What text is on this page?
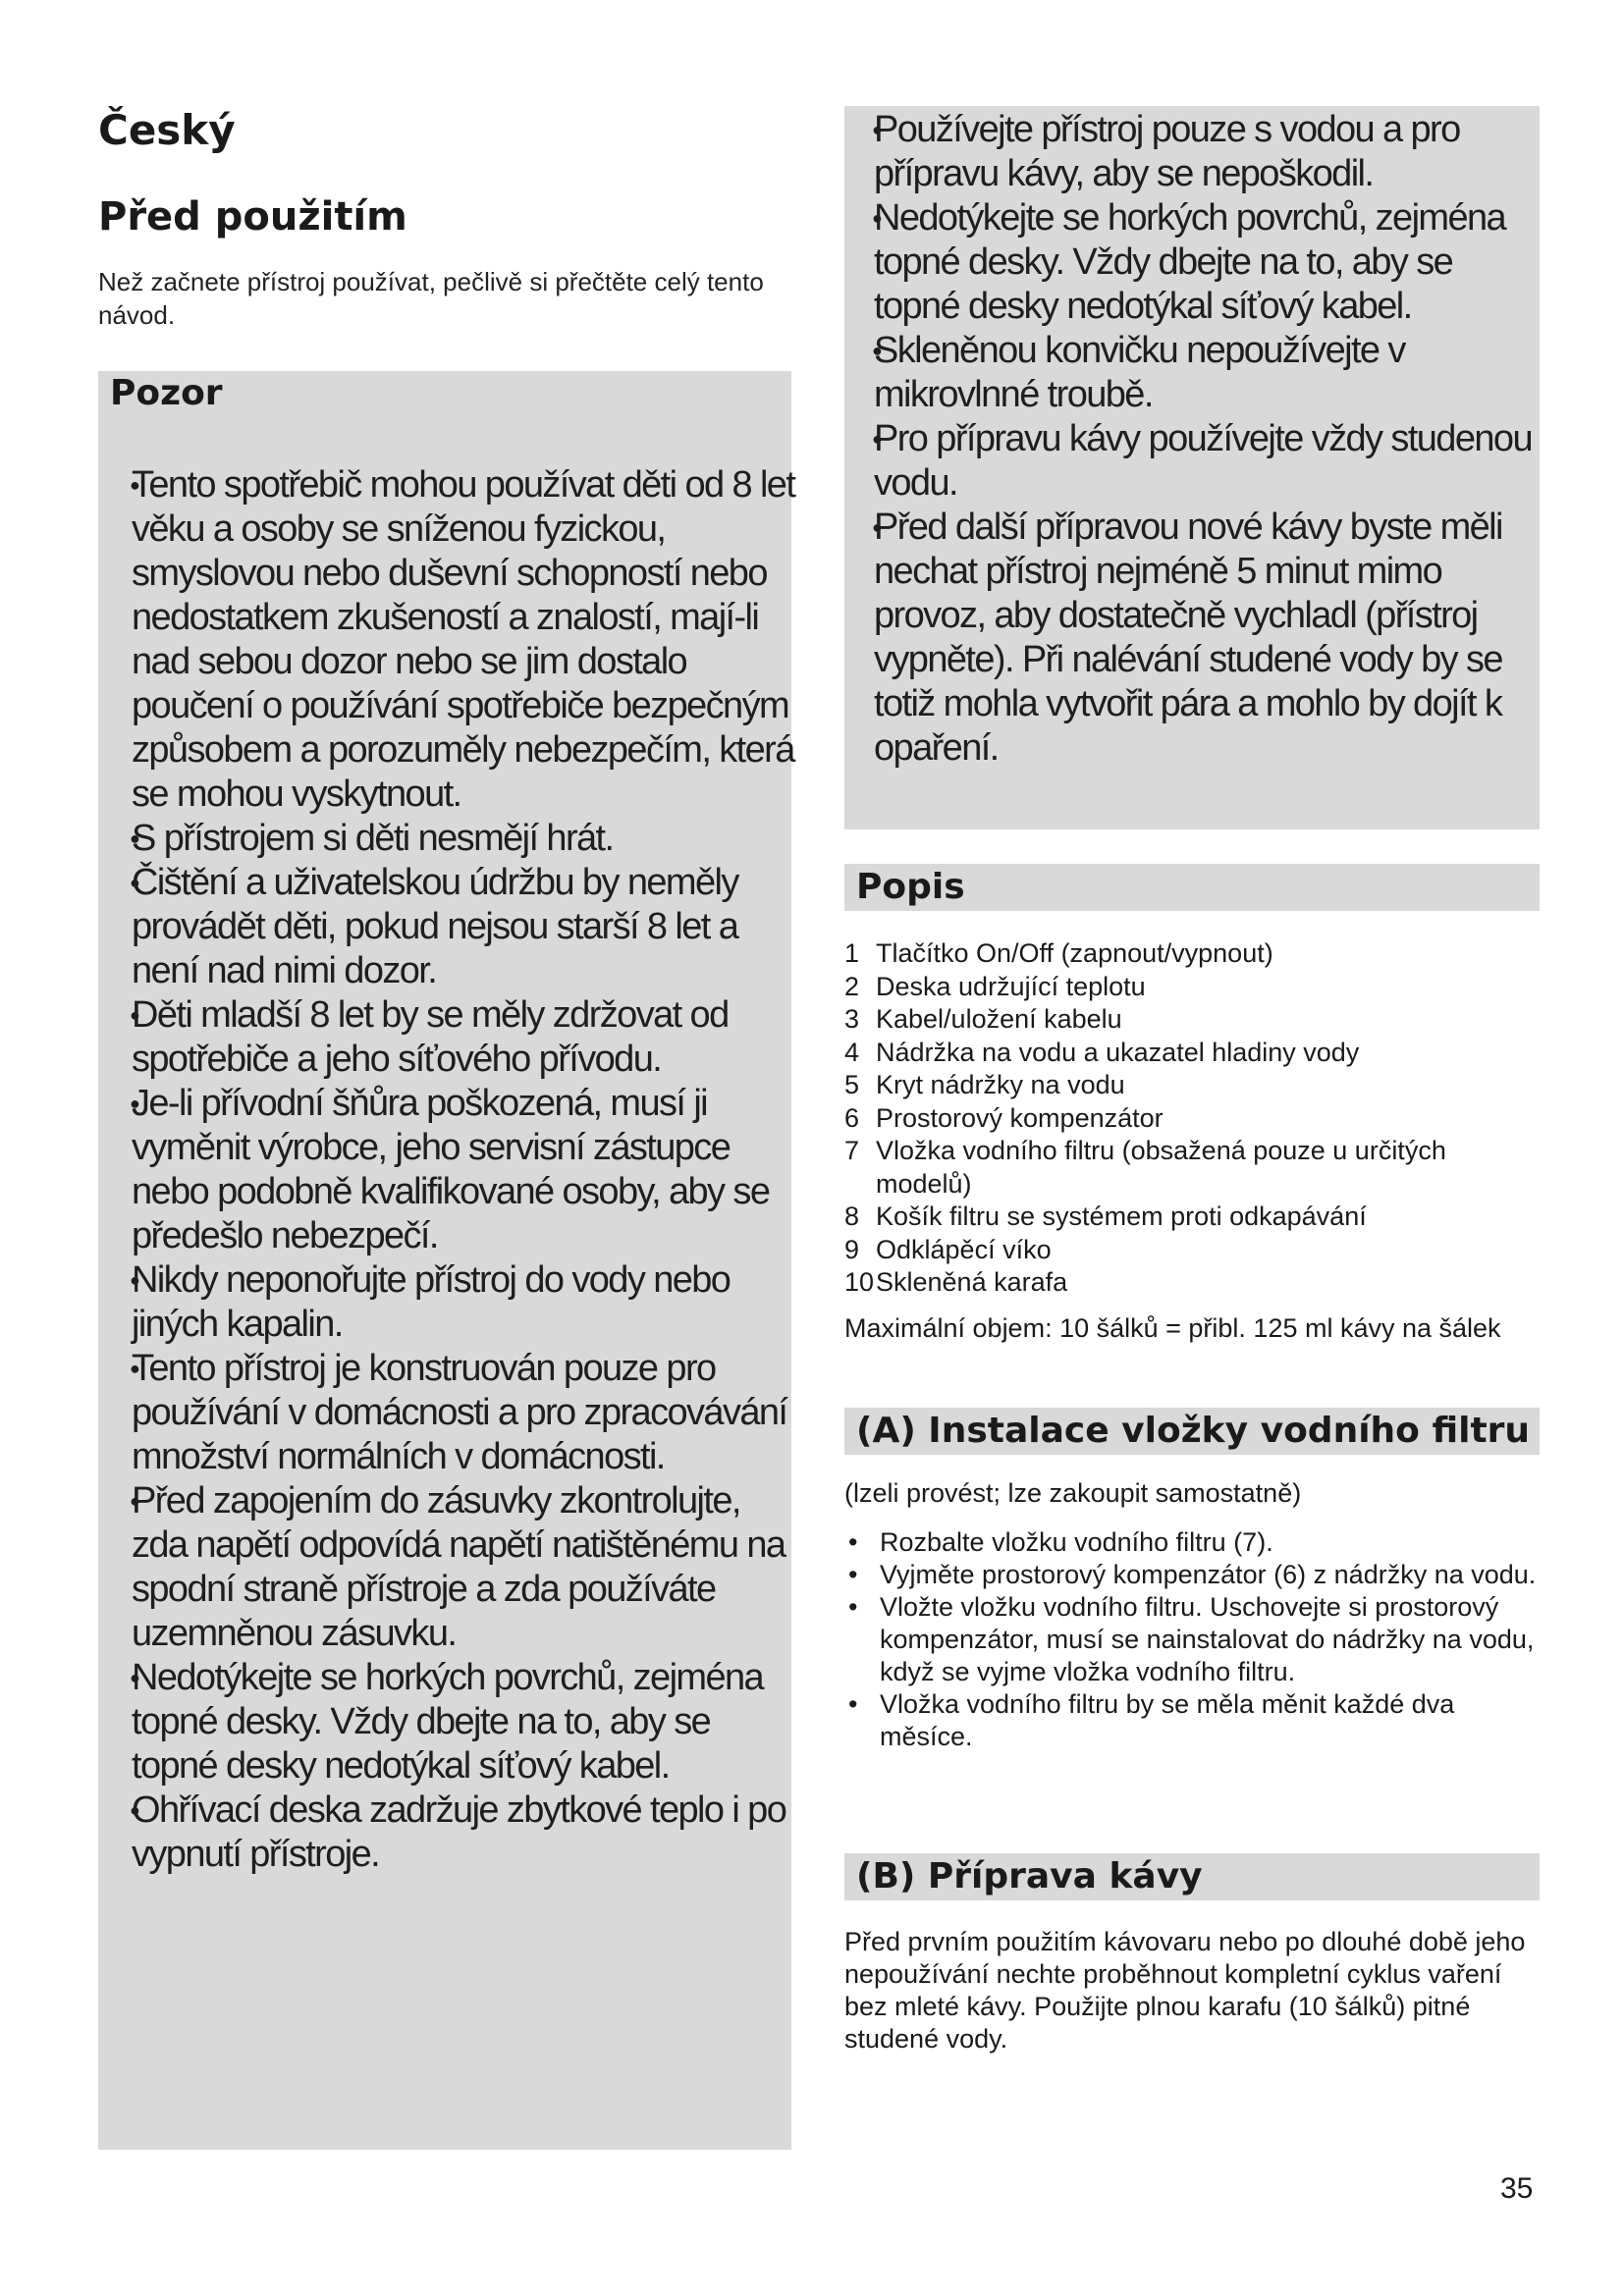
Český
Před použitím
Než začnete přístroj používat, pečlivě si přečtěte celý tento návod.
Pozor
● Tento spotřebič mohou používat děti od 8 let věku a osoby se sníženou fyzickou, smyslovou nebo duševní schopností nebo nedostatkem zkušeností a znalostí, mají-li nad sebou dozor nebo se jim dostalo poučení o používání spotřebiče bezpečným způsobem a porozuměly nebezpečím, která se mohou vyskytnout.
● S přístrojem si děti nesmějí hrát.
● Čištění a uživatelskou údržbu by neměly provádět děti, pokud nejsou starší 8 let a není nad nimi dozor.
● Děti mladší 8 let by se měly zdržovat od spotřebiče a jeho síťového přívodu.
● Je-li přívodní šňůra poškozená, musí ji vyměnit výrobce, jeho servisní zástupce nebo podobně kvalifikované osoby, aby se předešlo nebezpečí.
● Nikdy neponořujte přístroj do vody nebo jiných kapalin.
● Tento přístroj je konstruován pouze pro používání v domácnosti a pro zpracovávání množství normálních v domácnosti.
● Před zapojením do zásuvky zkontrolujte, zda napětí odpovídá napětí natištěnému na spodní straně přístroje a zda používáte uzemněnou zásuvku.
● Nedotýkejte se horkých povrchů, zejména topné desky. Vždy dbejte na to, aby se topné desky nedotýkal síťový kabel.
● Ohřívací deska zadržuje zbytkové teplo i po vypnutí přístroje.
● Používejte přístroj pouze s vodou a pro přípravu kávy, aby se nepoškodil.
● Nedotýkejte se horkých povrchů, zejména topné desky. Vždy dbejte na to, aby se topné desky nedotýkal síťový kabel.
● Skleněnou konvičku nepoužívejte v mikrovlnné troubě.
● Pro přípravu kávy používejte vždy studenou vodu.
● Před další přípravou nové kávy byste měli nechat přístroj nejméně 5 minut mimo provoz, aby dostatečně vychladl (přístroj vypněte). Při nalévání studené vody by se totiž mohla vytvořit pára a mohlo by dojít k opaření.
Popis
1 Tlačítko On/Off (zapnout/vypnout)
2 Deska udržující teplotu
3 Kabel/uložení kabelu
4 Nádržka na vodu a ukazatel hladiny vody
5 Kryt nádržky na vodu
6 Prostorový kompenzátor
7 Vložka vodního filtru (obsažená pouze u určitých modelů)
8 Košík filtru se systémem proti odkapávání
9 Odklápěcí víko
10 Skleněná karafa
Maximální objem: 10 šálků = přibl. 125 ml kávy na šálek
(A) Instalace vložky vodního filtru
(lzeli provést; lze zakoupit samostatně)
• Rozbalte vložku vodního filtru (7).
• Vyjměte prostorový kompenzátor (6) z nádržky na vodu.
• Vložte vložku vodního filtru. Uschovejte si prostorový kompenzátor, musí se nainstalovat do nádržky na vodu, když se vyjme vložka vodního filtru.
• Vložka vodního filtru by se měla měnit každé dva měsíce.
(B) Příprava kávy
Před prvním použitím kávovaru nebo po dlouhé době jeho nepoužívání nechte proběhnout kompletní cyklus vaření bez mleté kávy. Použijte plnou karafu (10 šálků) pitné studené vody.
35
